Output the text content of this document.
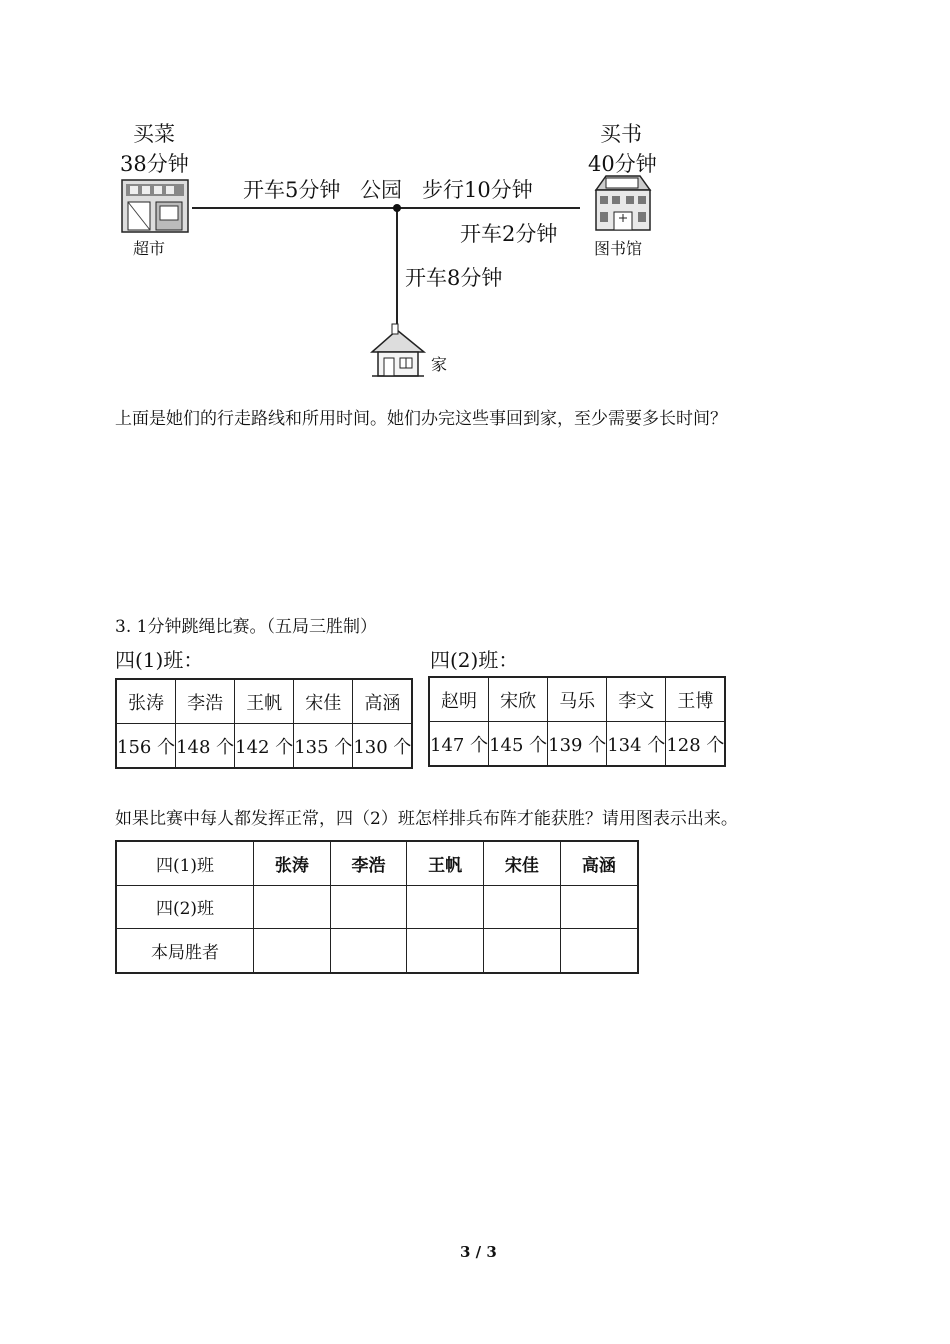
买菜
38分钟
超市
买书
40分钟
图书馆
开车5分钟 公园 步行10分钟
开车2分钟
开车8分钟
家
上面是她们的行走路线和所用时间。她们办完这些事回到家，至少需要多长时间？
3. 1分钟跳绳比赛。（五局三胜制）
四(1)班：	四(2)班：
张涛	李浩	王帆	宋佳	高涵
156 个	148 个	142 个	135 个	130 个
赵明	宋欣	马乐	李文	王博
147 个	145 个	139 个	134 个	128 个
如果比赛中每人都发挥正常，四（2）班怎样排兵布阵才能获胜？请用图表示出来。
四(1)班	张涛	李浩	王帆	宋佳	高涵
四(2)班					
本局胜者					
3 / 3
